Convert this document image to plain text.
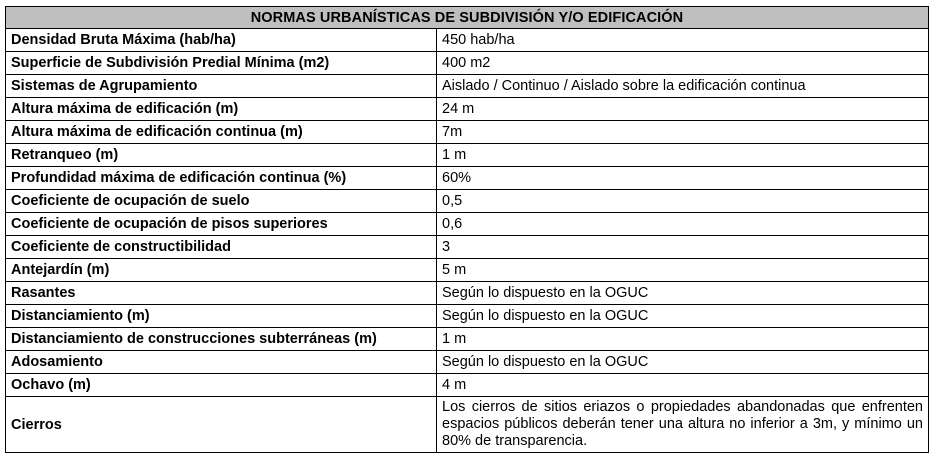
NORMAS URBANÍSTICAS DE SUBDIVISIÓN Y/O EDIFICACIÓN	
Densidad Bruta Máxima (hab/ha)	450 hab/ha
Superficie de Subdivisión Predial Mínima (m2)	400 m2
Sistemas de Agrupamiento	Aislado / Continuo / Aislado sobre la edificación continua
Altura máxima de edificación (m)	24 m
Altura máxima de edificación continua (m)	7m
Retranqueo (m)	1 m
Profundidad máxima de edificación continua (%)	60%
Coeficiente de ocupación de suelo	0,5
Coeficiente de ocupación de pisos superiores	0,6
Coeficiente de constructibilidad	3
Antejardín (m)	5 m
Rasantes	Según lo dispuesto en la OGUC
Distanciamiento (m)	Según lo dispuesto en la OGUC
Distanciamiento de construcciones subterráneas (m)	1 m
Adosamiento	Según lo dispuesto en la OGUC
Ochavo (m)	4 m
Cierros	Los cierros de sitios eriazos o propiedades abandonadas que enfrenten espacios públicos deberán tener una altura no inferior a 3m, y mínimo un 80% de transparencia.
